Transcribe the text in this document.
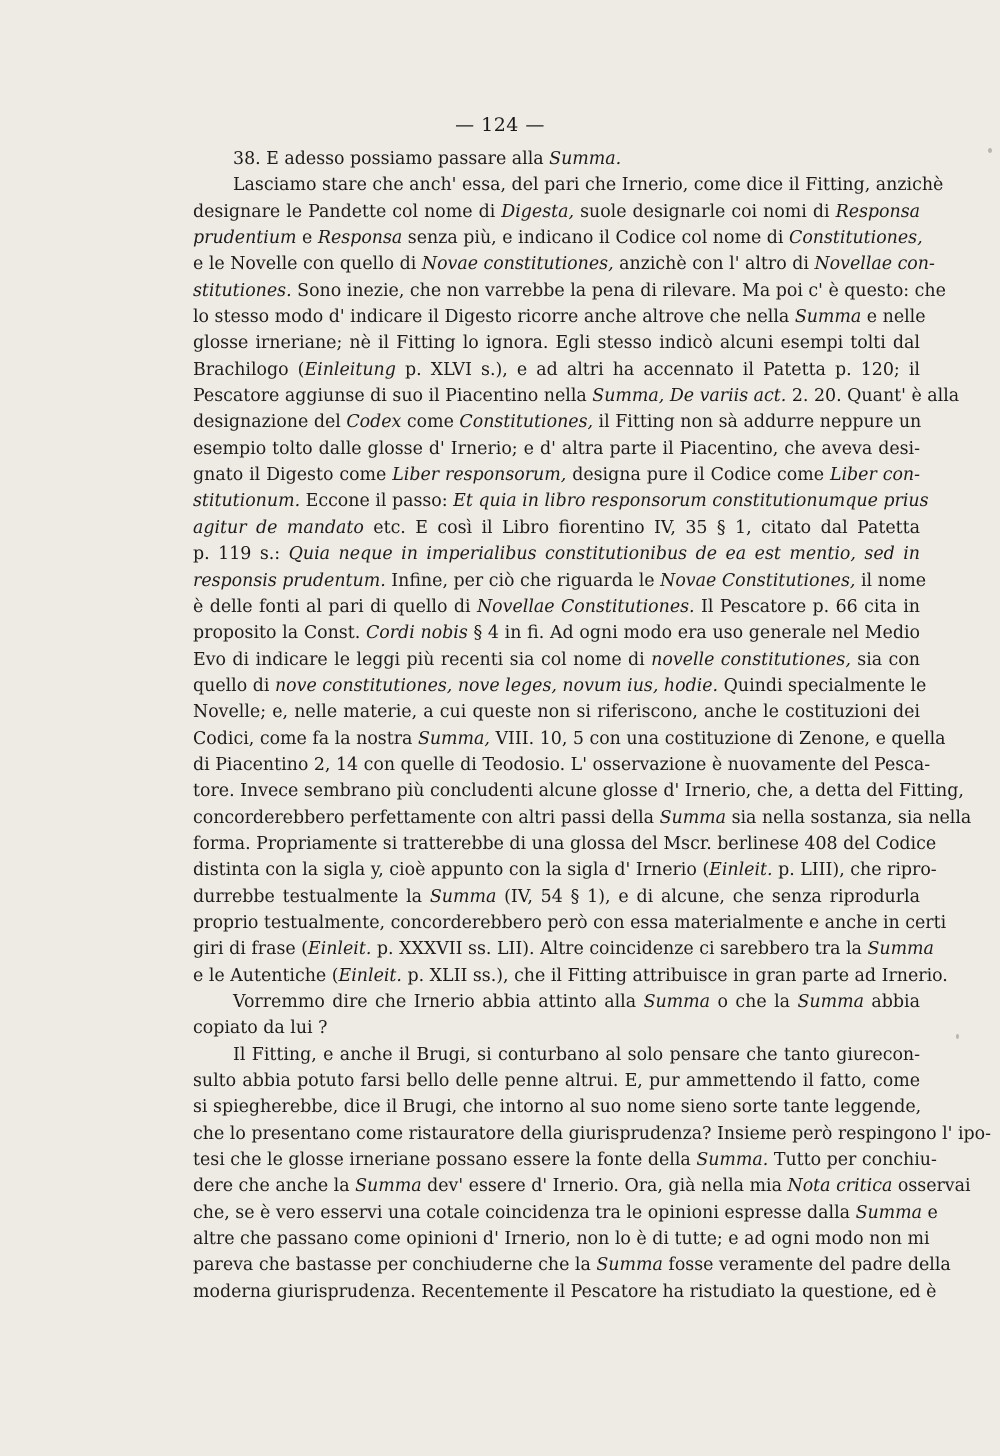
— 124 —

38. E adesso possiamo passare alla Summa.

Lasciamo stare che anch' essa, del pari che Irnerio, come dice il Fitting, anzichè
designare le Pandette col nome di Digesta, suole designarle coi nomi di Responsa
prudentium e Responsa senza più, e indicano il Codice col nome di Constitutiones,
e le Novelle con quello di Novae constitutiones, anzichè con l' altro di Novellae con-
stitutiones. Sono inezie, che non varrebbe la pena di rilevare. Ma poi c' è questo: che
lo stesso modo d' indicare il Digesto ricorre anche altrove che nella Summa e nelle
glosse irneriane; nè il Fitting lo ignora. Egli stesso indicò alcuni esempi tolti dal
Brachilogo (Einleitung p. XLVI s.), e ad altri ha accennato il Patetta p. 120; il
Pescatore aggiunse di suo il Piacentino nella Summa, De variis act. 2. 20. Quant' è alla
designazione del Codex come Constitutiones, il Fitting non sà addurre neppure un
esempio tolto dalle glosse d' Irnerio; e d' altra parte il Piacentino, che aveva desi-
gnato il Digesto come Liber responsorum, designa pure il Codice come Liber con-
stitutionum. Eccone il passo: Et quia in libro responsorum constitutionumque prius
agitur de mandato etc. E così il Libro fiorentino IV, 35 § 1, citato dal Patetta
p. 119 s.: Quia neque in imperialibus constitutionibus de ea est mentio, sed in
responsis prudentum. Infine, per ciò che riguarda le Novae Constitutiones, il nome
è delle fonti al pari di quello di Novellae Constitutiones. Il Pescatore p. 66 cita in
proposito la Const. Cordi nobis § 4 in fi. Ad ogni modo era uso generale nel Medio
Evo di indicare le leggi più recenti sia col nome di novelle constitutiones, sia con
quello di nove constitutiones, nove leges, novum ius, hodie. Quindi specialmente le
Novelle; e, nelle materie, a cui queste non si riferiscono, anche le costituzioni dei
Codici, come fa la nostra Summa, VIII. 10, 5 con una costituzione di Zenone, e quella
di Piacentino 2, 14 con quelle di Teodosio. L' osservazione è nuovamente del Pesca-
tore. Invece sembrano più concludenti alcune glosse d' Irnerio, che, a detta del Fitting,
concorderebbero perfettamente con altri passi della Summa sia nella sostanza, sia nella
forma. Propriamente si tratterebbe di una glossa del Mscr. berlinese 408 del Codice
distinta con la sigla y, cioè appunto con la sigla d' Irnerio (Einleit. p. LIII), che ripro-
durrebbe testualmente la Summa (IV, 54 § 1), e di alcune, che senza riprodurla
proprio testualmente, concorderebbero però con essa materialmente e anche in certi
giri di frase (Einleit. p. XXXVII ss. LII). Altre coincidenze ci sarebbero tra la Summa
e le Autentiche (Einleit. p. XLII ss.), che il Fitting attribuisce in gran parte ad Irnerio.

Vorremmo dire che Irnerio abbia attinto alla Summa o che la Summa abbia
copiato da lui ?

Il Fitting, e anche il Brugi, si conturbano al solo pensare che tanto giurecon-
sulto abbia potuto farsi bello delle penne altrui. E, pur ammettendo il fatto, come
si spiegherebbe, dice il Brugi, che intorno al suo nome sieno sorte tante leggende,
che lo presentano come ristauratore della giurisprudenza? Insieme però respingono l' ipo-
tesi che le glosse irneriane possano essere la fonte della Summa. Tutto per conchiu-
dere che anche la Summa dev' essere d' Irnerio. Ora, già nella mia Nota critica osservai
che, se è vero esservi una cotale coincidenza tra le opinioni espresse dalla Summa e
altre che passano come opinioni d' Irnerio, non lo è di tutte; e ad ogni modo non mi
pareva che bastasse per conchiuderne che la Summa fosse veramente del padre della
moderna giurisprudenza. Recentemente il Pescatore ha ristudiato la questione, ed è
